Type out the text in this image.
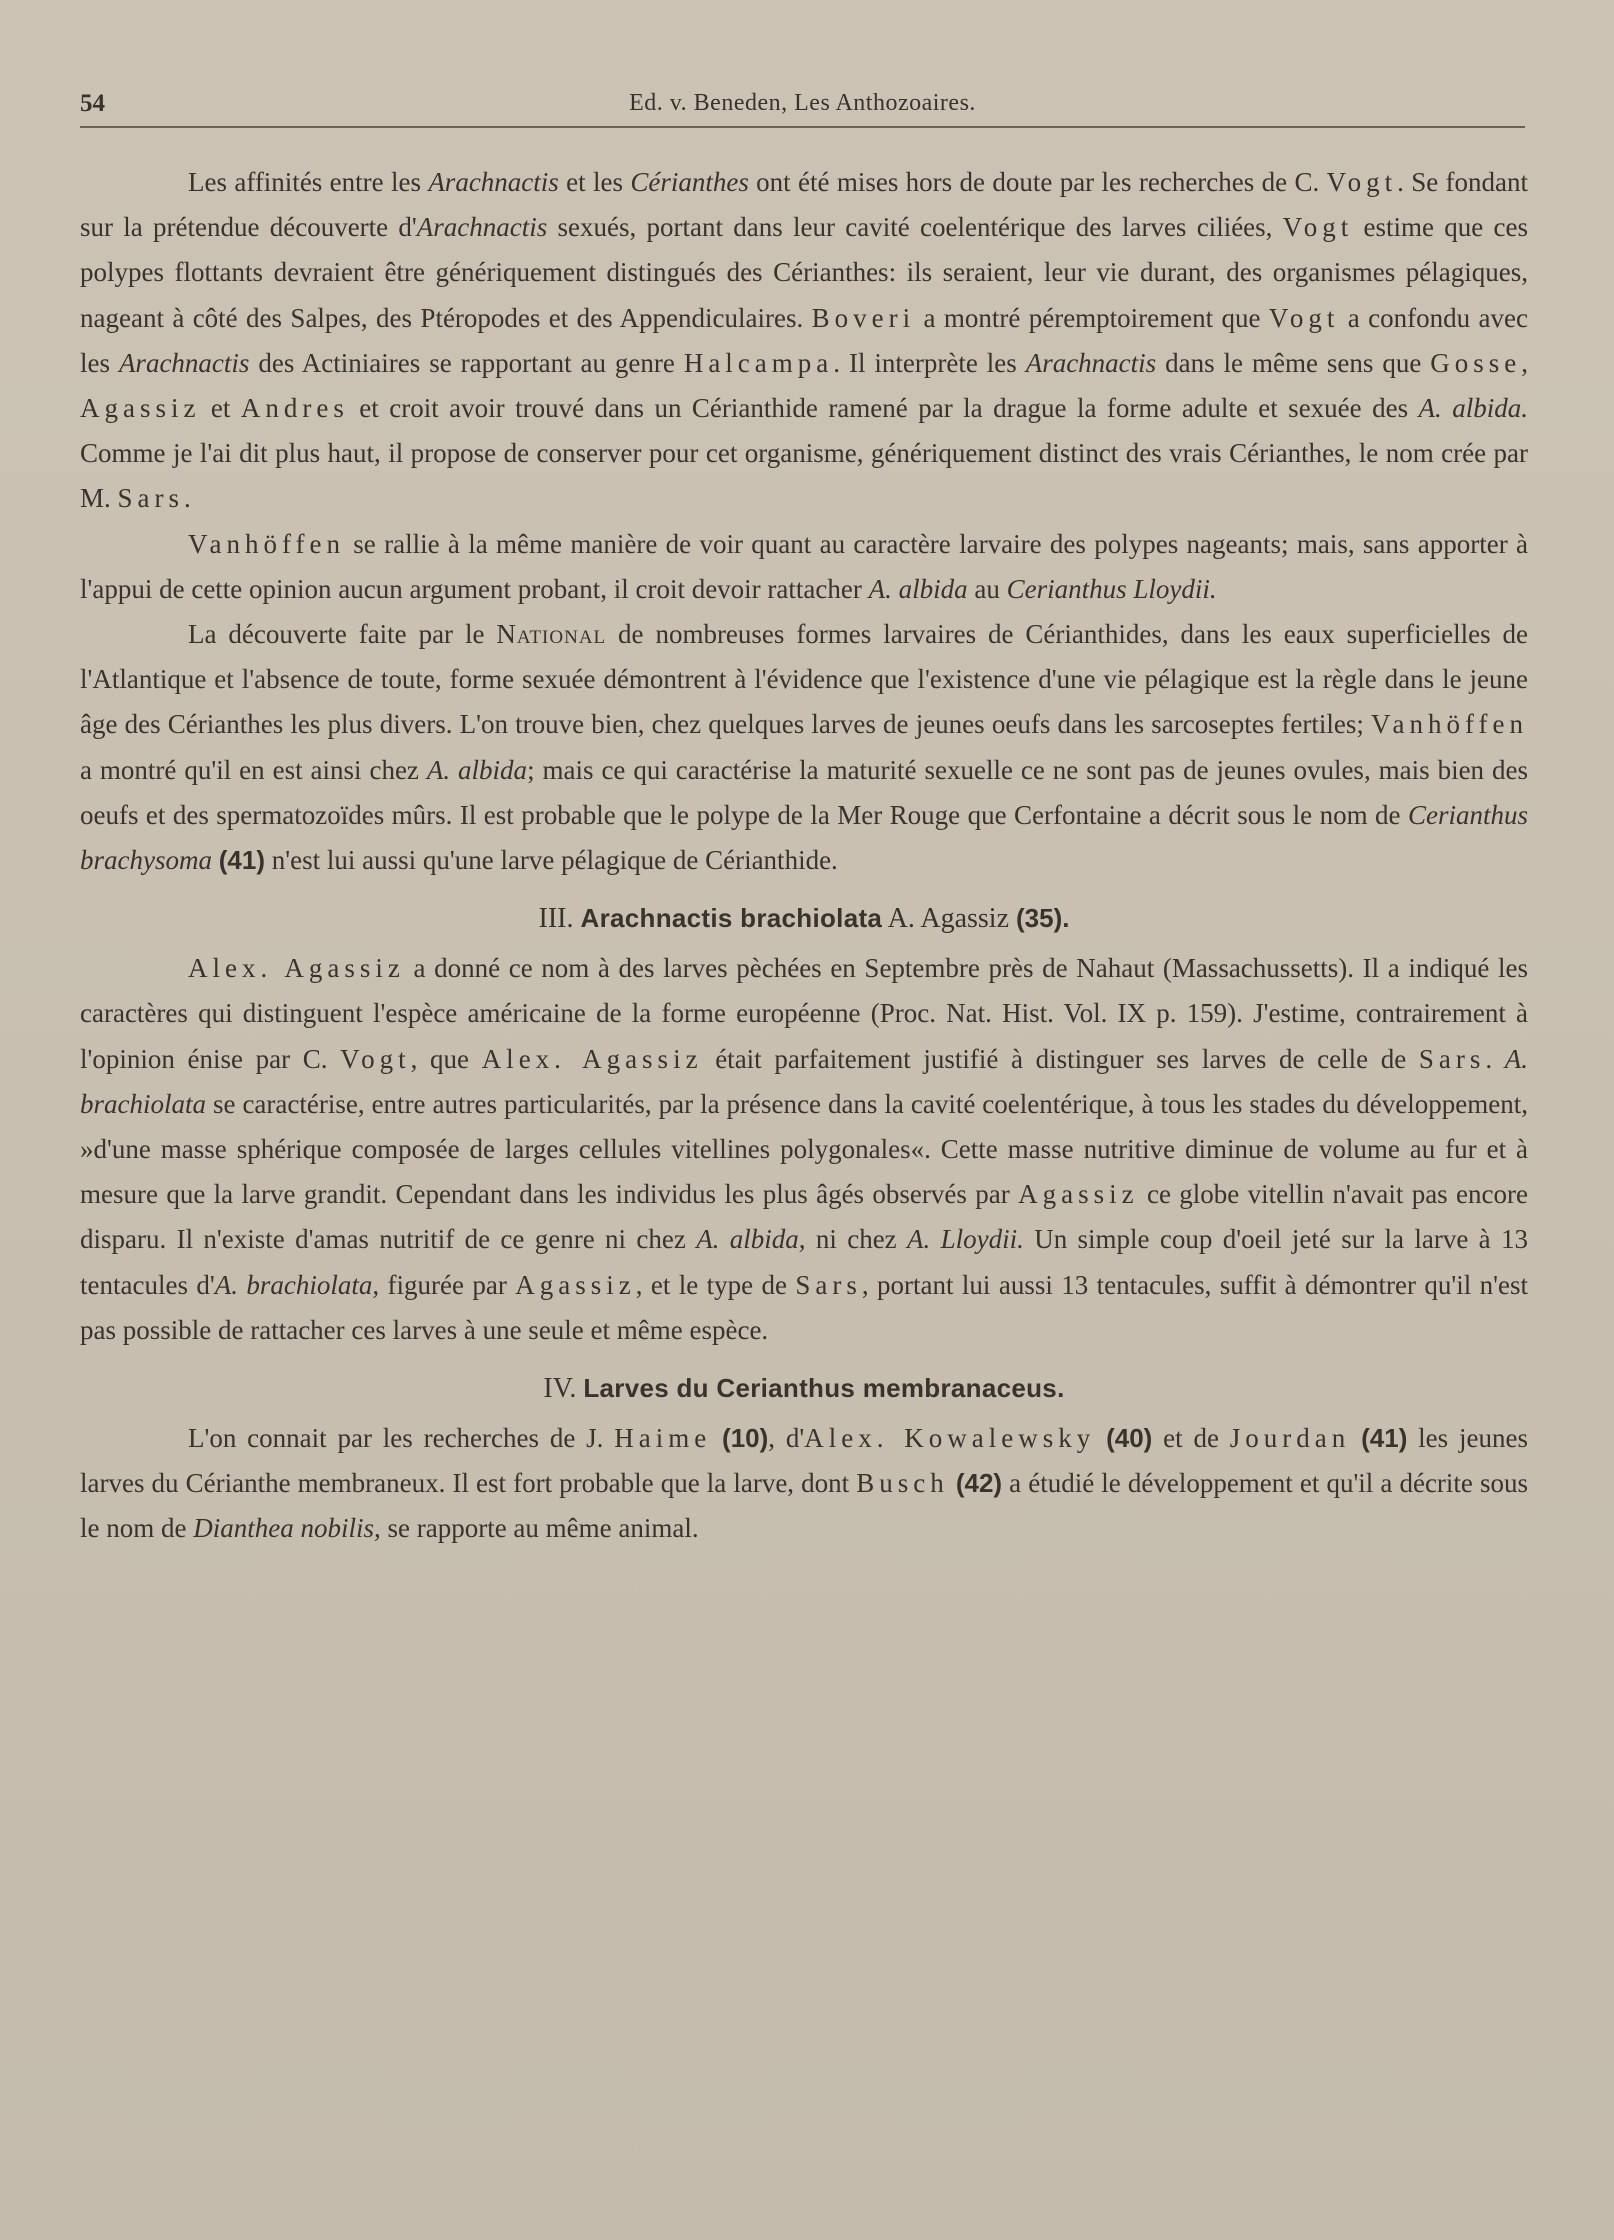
54	Ed. v. Beneden, Les Anthozoaires.

Les affinités entre les Arachnactis et les Cérianthes ont été mises hors de doute par les recherches de C. Vogt. Se fondant sur la prétendue découverte d'Arachnactis sexués, portant dans leur cavité coelentérique des larves ciliées, Vogt estime que ces polypes flottants devraient être génériquement distingués des Cérianthes: ils seraient, leur vie durant, des organismes pélagiques, nageant à côté des Salpes, des Ptéropodes et des Appendiculaires. Boveri a montré péremptoirement que Vogt a confondu avec les Arachnactis des Actiniaires se rapportant au genre Halcampa. Il interprète les Arachnactis dans le même sens que Gosse, Agassiz et Andres et croit avoir trouvé dans un Cérianthide ramené par la drague la forme adulte et sexuée des A. albida. Comme je l'ai dit plus haut, il propose de conserver pour cet organisme, génériquement distinct des vrais Cérianthes, le nom crée par M. Sars.

Vanhöffen se rallie à la même manière de voir quant au caractère larvaire des polypes nageants; mais, sans apporter à l'appui de cette opinion aucun argument probant, il croit devoir rattacher A. albida au Cerianthus Lloydii.

La découverte faite par le National de nombreuses formes larvaires de Cérianthides, dans les eaux superficielles de l'Atlantique et l'absence de toute, forme sexuée démontrent à l'évidence que l'existence d'une vie pélagique est la règle dans le jeune âge des Cérianthes les plus divers. L'on trouve bien, chez quelques larves de jeunes oeufs dans les sarcoseptes fertiles; Vanhöffen a montré qu'il en est ainsi chez A. albida; mais ce qui caractérise la maturité sexuelle ce ne sont pas de jeunes ovules, mais bien des oeufs et des spermatozoïdes mûrs. Il est probable que le polype de la Mer Rouge que Cerfontaine a décrit sous le nom de Cerianthus brachysoma (41) n'est lui aussi qu'une larve pélagique de Cérianthide.

III. Arachnactis brachiolata A. Agassiz (35).

Alex. Agassiz a donné ce nom à des larves pèchées en Septembre près de Nahaut (Massachussetts). Il a indiqué les caractères qui distinguent l'espèce américaine de la forme européenne (Proc. Nat. Hist. Vol. IX p. 159). J'estime, contrairement à l'opinion énise par C. Vogt, que Alex. Agassiz était parfaitement justifié à distinguer ses larves de celle de Sars. A. brachiolata se caractérise, entre autres particularités, par la présence dans la cavité coelentérique, à tous les stades du développement, »d'une masse sphérique composée de larges cellules vitellines polygonales«. Cette masse nutritive diminue de volume au fur et à mesure que la larve grandit. Cependant dans les individus les plus âgés observés par Agassiz ce globe vitellin n'avait pas encore disparu. Il n'existe d'amas nutritif de ce genre ni chez A. albida, ni chez A. Lloydii. Un simple coup d'oeil jeté sur la larve à 13 tentacules d'A. brachiolata, figurée par Agassiz, et le type de Sars, portant lui aussi 13 tentacules, suffit à démontrer qu'il n'est pas possible de rattacher ces larves à une seule et même espèce.

IV. Larves du Cerianthus membranaceus.

L'on connait par les recherches de J. Haime (10), d'Alex. Kowalewsky (40) et de Jourdan (41) les jeunes larves du Cérianthe membraneux. Il est fort probable que la larve, dont Busch (42) a étudié le développement et qu'il a décrite sous le nom de Dianthea nobilis, se rapporte au même animal.
